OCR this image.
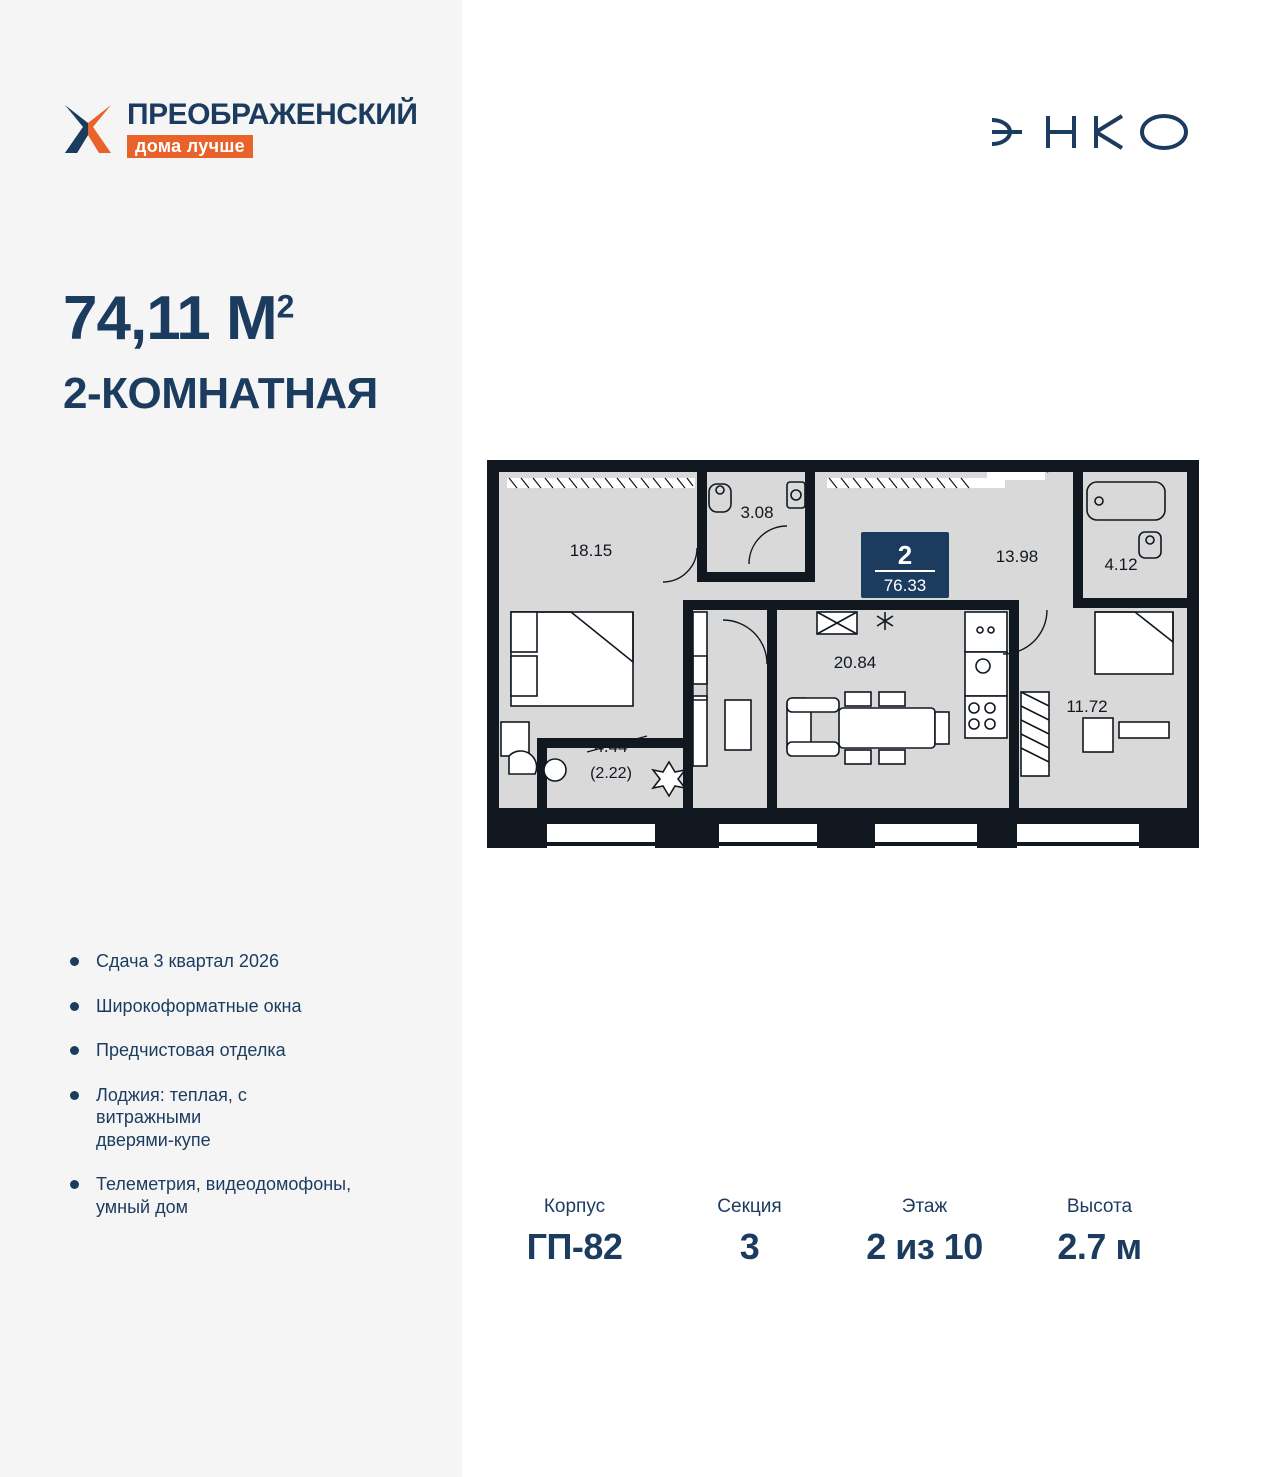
ПРЕОБРАЖЕНСКИЙ
дома лучше
74,11 $М^2$
2-КОМНАТНАЯ
Сдача 3 квартал 2026
Широкоформатные окна
Предчистовая отделка
Лоджия: теплая, с витражными дверями-купе
Телеметрия, видеодомофоны, умный дом
18.15
3.08
13.98	4.12
20.84
11.72
4.44
(2.22)
2
76.33
Корпус
ГП-82
Секция
3
Этаж
2 из 10
Высота
2.7 м
